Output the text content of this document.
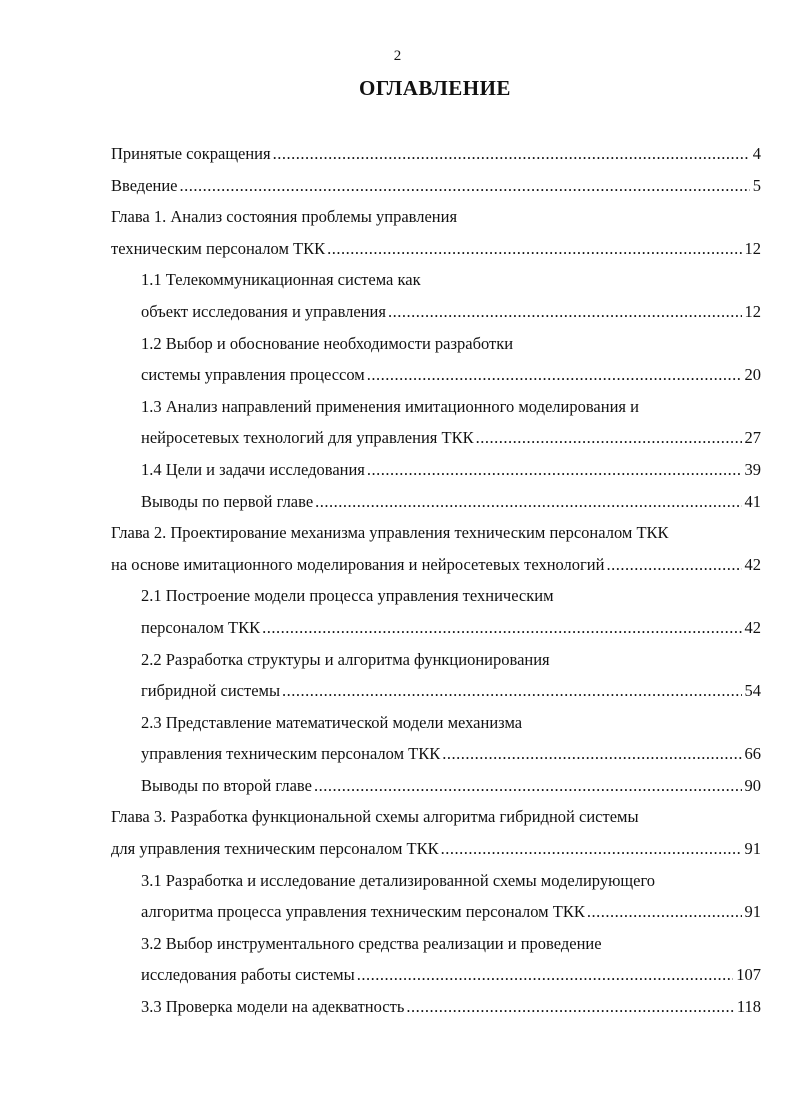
2
ОГЛАВЛЕНИЕ
Принятые сокращения .....	4
Введение .....	5
Глава 1. Анализ состояния проблемы управления
техническим персоналом ТКК .....	12
1.1 Телекоммуникационная система как
объект исследования и управления .....	12
1.2 Выбор и обоснование необходимости разработки
системы управления процессом .....	20
1.3 Анализ направлений применения имитационного моделирования и
нейросетевых технологий для управления ТКК .....	27
1.4 Цели и задачи исследования .....	39
Выводы по первой главе .....	41
Глава 2. Проектирование механизма управления техническим персоналом ТКК
на основе имитационного моделирования и нейросетевых технологий .....	42
2.1 Построение модели процесса управления техническим
персоналом ТКК .....	42
2.2 Разработка структуры и алгоритма функционирования
гибридной системы .....	54
2.3 Представление математической модели механизма
управления техническим персоналом ТКК .....	66
Выводы по второй главе .....	90
Глава 3. Разработка функциональной схемы алгоритма гибридной системы
для управления техническим персоналом ТКК .....	91
3.1 Разработка и исследование детализированной схемы моделирующего
алгоритма процесса управления техническим персоналом ТКК .....	91
3.2 Выбор инструментального средства реализации и проведение
исследования работы системы .....	107
3.3 Проверка модели на адекватность .....	118
